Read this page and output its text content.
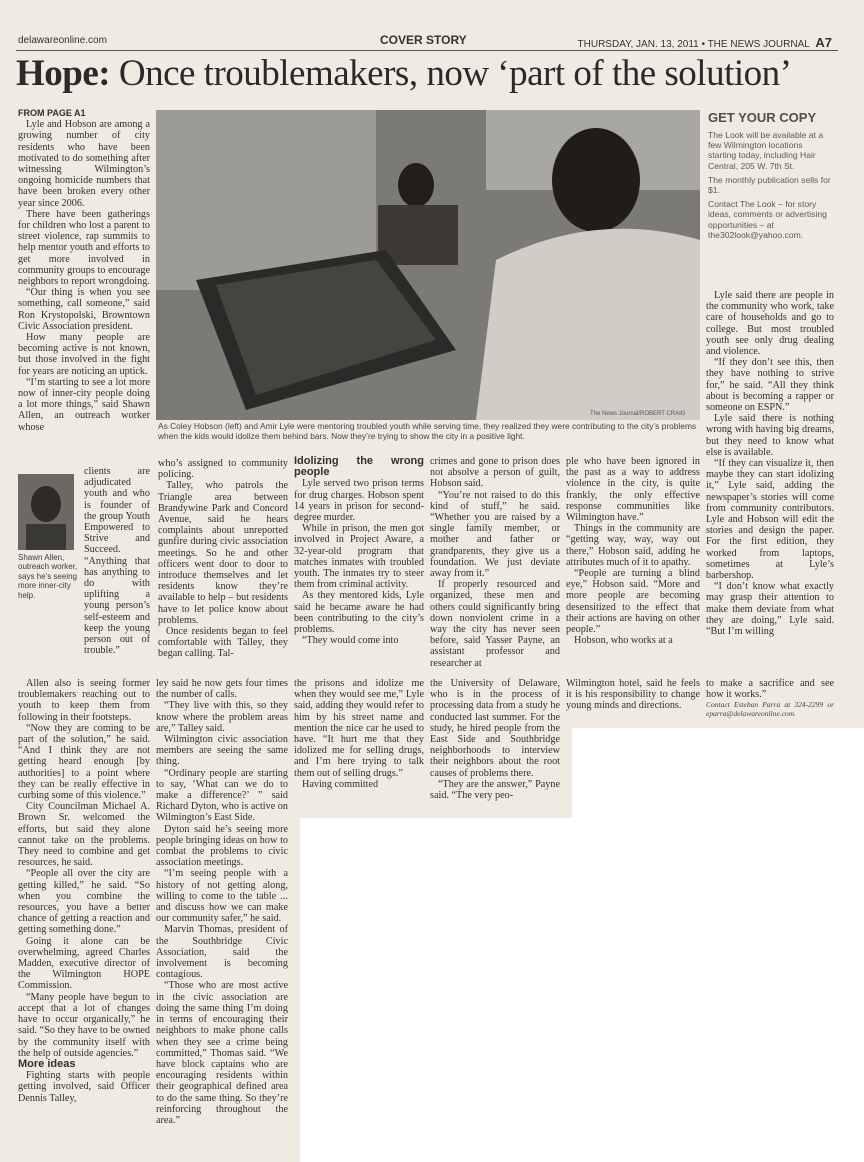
delawareonline.com	COVER STORY	THURSDAY, JAN. 13, 2011 • THE NEWS JOURNAL A7
Hope: Once troublemakers, now ‘part of the solution’

FROM PAGE A1

Lyle and Hobson are among a growing number of city residents who have been motivated to do something after witnessing Wilmington’s ongoing homicide numbers that have been broken every other year since 2006.

There have been gatherings for children who lost a parent to street violence, rap summits to help mentor youth and efforts to get more involved in community groups to encourage neighbors to report wrongdoing.

“Our thing is when you see something, call someone,” said Ron Krystopolski, Browntown Civic Association president.

How many people are becoming active is not known, but those involved in the fight for years are noticing an uptick.

“I’m starting to see a lot more now of inner-city people doing a lot more things,” said Shawn Allen, an outreach worker whose

Shawn Allen, outreach worker, says he’s seeing more inner-city help.

clients are adjudicated youth and who is founder of the group Youth Empowered to Strive and Succeed. “Anything that has anything to do with uplifting a young person’s self-esteem and keep the young person out of trouble.”

The News Journal/ROBERT CRAIG
As Coley Hobson (left) and Amir Lyle were mentoring troubled youth while serving time, they realized they were contributing to the city’s problems when the kids would idolize them behind bars. Now they’re trying to show the city in a positive light.
GET YOUR COPY

The Look will be available at a few Wilmington locations starting today, including Hair Central, 205 W. 7th St.

The monthly publication sells for $1.

Contact The Look – for story ideas, comments or advertising opportunities – at the302look@yahoo.com.

who’s assigned to community policing.

Talley, who patrols the Triangle area between Brandywine Park and Concord Avenue, said he hears complaints about unreported gunfire during civic association meetings. So he and other officers went door to door to introduce themselves and let residents know they’re available to help – but residents have to let police know about problems.

Once residents began to feel comfortable with Talley, they began calling. Tal-

Idolizing the wrong people

Lyle served two prison terms for drug charges. Hobson spent 14 years in prison for second-degree murder.

While in prison, the men got involved in Project Aware, a 32-year-old program that matches inmates with troubled youth. The inmates try to steer them from criminal activity.

As they mentored kids, Lyle said he became aware he had been contributing to the city’s problems.

“They would come into

crimes and gone to prison does not absolve a person of guilt, Hobson said.

“You’re not raised to do this kind of stuff,” he said. “Whether you are raised by a single family member, or mother and father or grandparents, they give us a foundation. We just deviate away from it.”

If properly resourced and organized, these men and others could significantly bring down nonviolent crime in a way the city has never seen before, said Yasser Payne, an assistant professor and researcher at

ple who have been ignored in the past as a way to address violence in the city, is quite frankly, the only effective response communities like Wilmington have.”

Things in the community are “getting way, way, way out there,” Hobson said, adding he attributes much of it to apathy.

“People are turning a blind eye,” Hobson said. “More and more people are becoming desensitized to the effect that their actions are having on other people.”

Hobson, who works at a

Lyle said there are people in the community who work, take care of households and go to college. But most troubled youth see only drug dealing and violence.

“If they don’t see this, then they have nothing to strive for,” he said. “All they think about is becoming a rapper or someone on ESPN.”

Lyle said there is nothing wrong with having big dreams, but they need to know what else is available.

“If they can visualize it, then maybe they can start idolizing it,” Lyle said, adding the newspaper’s stories will come from community contributors. Lyle and Hobson will edit the stories and design the paper. For the first edition, they worked from laptops, sometimes at Lyle’s barbershop.

“I don’t know what exactly may grasp their attention to make them deviate from what they are doing,” Lyle said. “But I’m willing

Allen also is seeing former troublemakers reaching out to youth to keep them from following in their footsteps.

“Now they are coming to be part of the solution,” he said. “And I think they are not getting heard enough [by authorities] to a point where they can be really effective in curbing some of this violence.”

City Councilman Michael A. Brown Sr. welcomed the efforts, but said they alone cannot take on the problems. They need to combine and get resources, he said.

“People all over the city are getting killed,” he said. “So when you combine the resources, you have a better chance of getting a reaction and getting something done.”

Going it alone can be overwhelming, agreed Charles Madden, executive director of the Wilmington HOPE Commission.

“Many people have begun to accept that a lot of changes have to occur organically,” he said. “So they have to be owned by the community itself with the help of outside agencies.”

More ideas

Fighting starts with people getting involved, said Officer Dennis Talley,

ley said he now gets four times the number of calls.

“They live with this, so they know where the problem areas are,” Talley said.

Wilmington civic association members are seeing the same thing.

“Ordinary people are starting to say, ‘What can we do to make a difference?’ ” said Richard Dyton, who is active on Wilmington’s East Side.

Dyton said he’s seeing more people bringing ideas on how to combat the problems to civic association meetings.

“I’m seeing people with a history of not getting along, willing to come to the table ... and discuss how we can make our community safer,” he said.

Marvin Thomas, president of the Southbridge Civic Association, said the involvement is becoming contagious.

“Those who are most active in the civic association are doing the same thing I’m doing in terms of encouraging their neighbors to make phone calls when they see a crime being committed,” Thomas said. “We have block captains who are encouraging residents within their geographical defined area to do the same thing. So they’re reinforcing throughout the area.”

the prisons and idolize me when they would see me,” Lyle said, adding they would refer to him by his street name and mention the nice car he used to have. “It hurt me that they idolized me for selling drugs, and I’m here trying to talk them out of selling drugs.”

Having committed

the University of Delaware, who is in the process of processing data from a study he conducted last summer. For the study, he hired people from the East Side and Southbridge neighborhoods to interview their neighbors about the root causes of problems there.

“They are the answer,” Payne said. “The very peo-

Wilmington hotel, said he feels it is his responsibility to change young minds and directions.

to make a sacrifice and see how it works.”

Contact Esteban Parra at 324-2299 or eparra@delawareonline.com.
